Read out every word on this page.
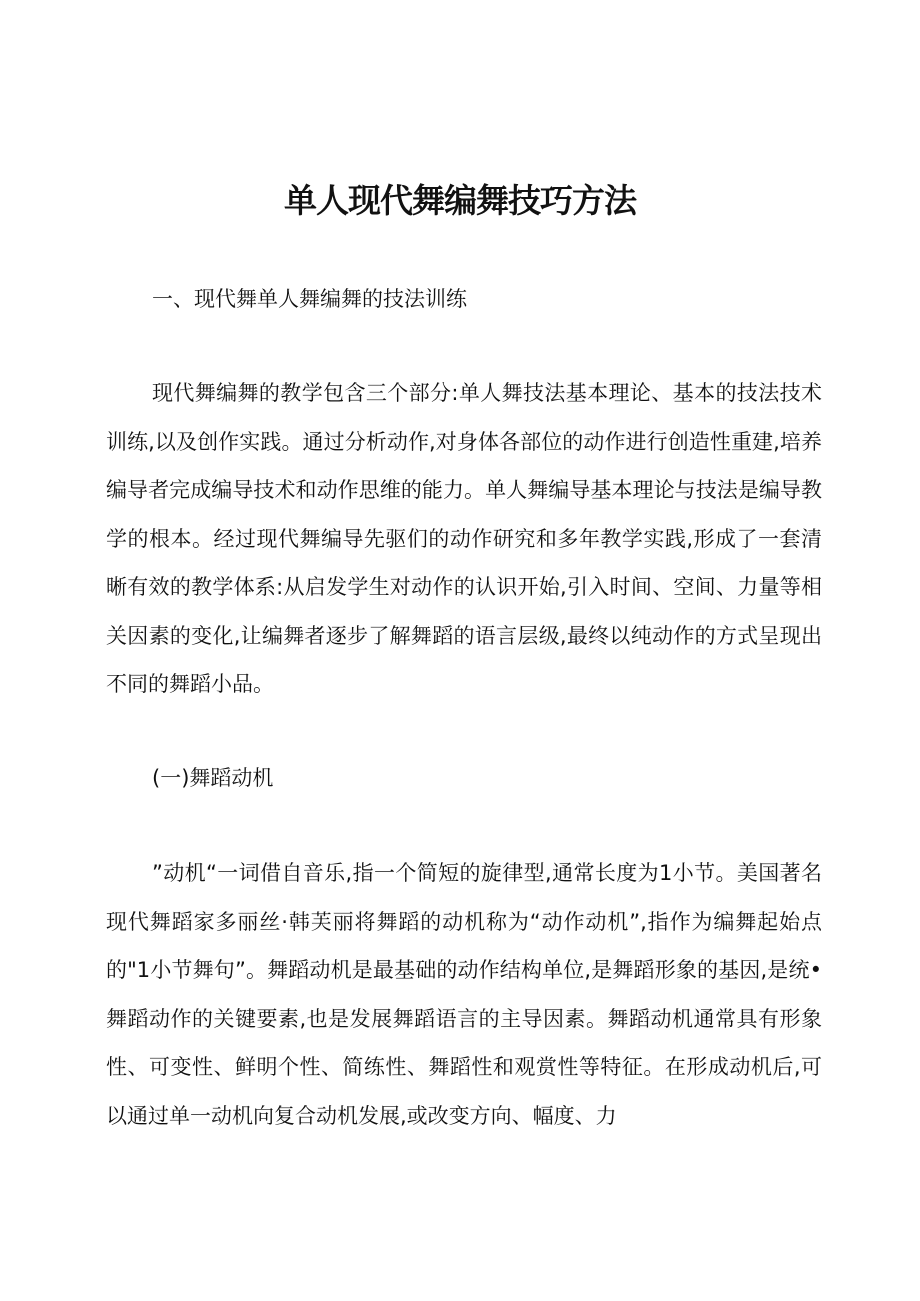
单人现代舞编舞技巧方法
一、现代舞单人舞编舞的技法训练

现代舞编舞的教学包含三个部分:单人舞技法基本理论、基本的技法技术训练,以及创作实践。通过分析动作,对身体各部位的动作进行创造性重建,培养编导者完成编导技术和动作思维的能力。单人舞编导基本理论与技法是编导教学的根本。经过现代舞编导先驱们的动作研究和多年教学实践,形成了一套清晰有效的教学体系:从启发学生对动作的认识开始,引入时间、空间、力量等相关因素的变化,让编舞者逐步了解舞蹈的语言层级,最终以纯动作的方式呈现出不同的舞蹈小品。

(一)舞蹈动机

”动机“一词借自音乐,指一个简短的旋律型,通常长度为1小节。美国著名现代舞蹈家多丽丝·韩芙丽将舞蹈的动机称为“动作动机”,指作为编舞起始点的"1小节舞句”。舞蹈动机是最基础的动作结构单位,是舞蹈形象的基因,是统•舞蹈动作的关键要素,也是发展舞蹈语言的主导因素。舞蹈动机通常具有形象性、可变性、鲜明个性、简练性、舞蹈性和观赏性等特征。在形成动机后,可以通过单一动机向复合动机发展,或改变方向、幅度、力
